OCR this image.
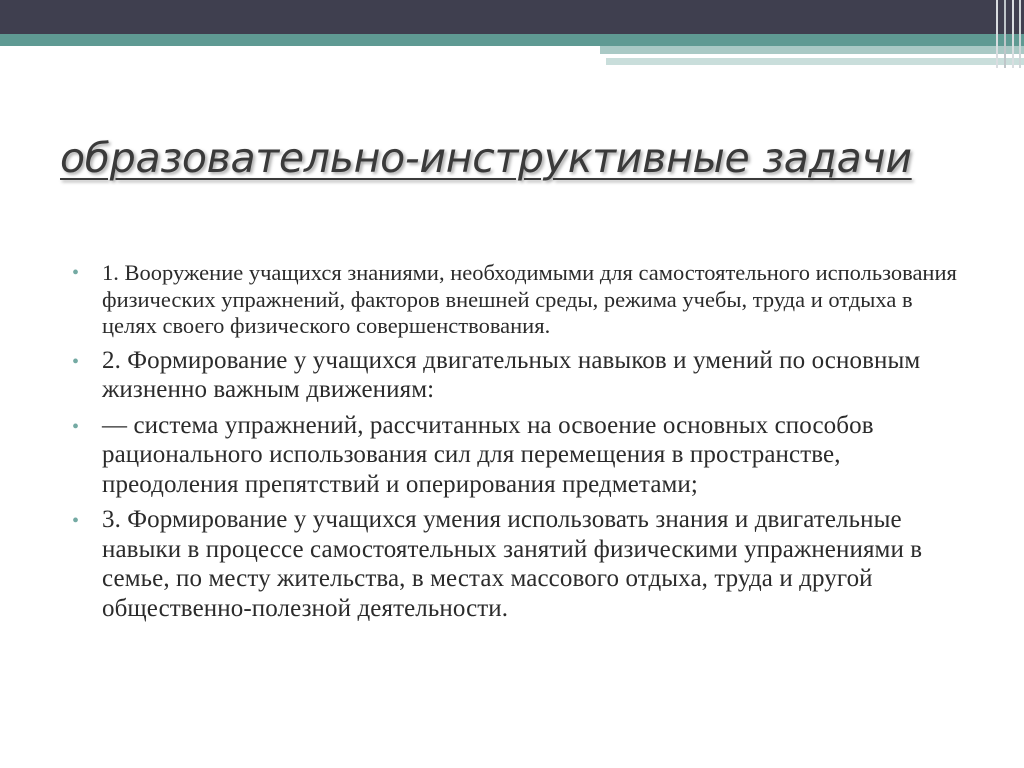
образовательно-инструктивные задачи
• 1. Вооружение учащихся знаниями, необходимыми для самостоятельного использования физических упражнений, факторов внешней среды, режима учебы, труда и отдыха в целях своего физического совершенствования.
• 2. Формирование у учащихся двигательных навыков и умений по основным жизненно важным движениям:
• — система упражнений, рассчитанных на освоение основных способов рационального использования сил для перемещения в пространстве, преодоления препятствий и оперирования предметами;
• 3. Формирование у учащихся умения использовать знания и двигательные навыки в процессе самостоятельных занятий физическими упражнениями в семье, по месту жительства, в местах массового отдыха, труда и другой общественно-полезной деятельности.
